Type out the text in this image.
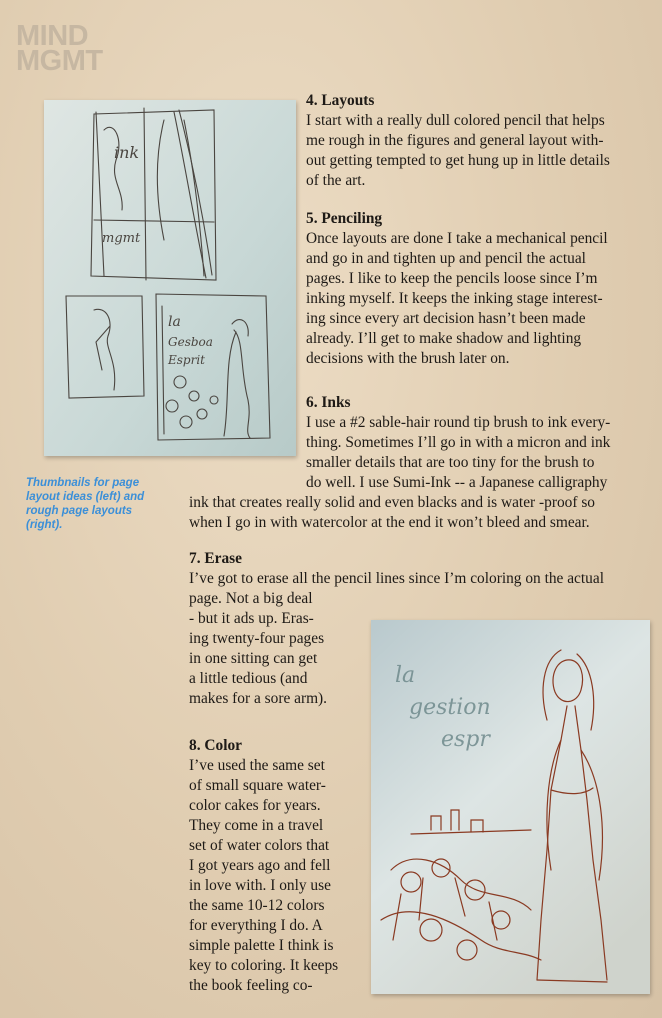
MIND
MGMT
ink
mgmt
la
Gesboa
Esprit

Thumbnails for page layout ideas (left) and rough page layouts (right).

la
gestion
espr
4. Layouts

I start with a really dull colored pencil that helps

me rough in the figures and general layout with-

out getting tempted to get hung up in little details

of the art.

5. Penciling

Once layouts are done I take a mechanical pencil

and go in and tighten up and pencil the actual

pages. I like to keep the pencils loose since I’m

inking myself. It keeps the inking stage interest-

ing since every art decision hasn’t been made

already. I’ll get to make shadow and lighting

decisions with the brush later on.

6. Inks

I use a #2 sable-hair round tip brush to ink every-

thing. Sometimes I’ll go in with a micron and ink

smaller details that are too tiny for the brush to

do well. I use Sumi-Ink -- a Japanese calligraphy

ink that creates really solid and even blacks and is water -proof so

when I go in with watercolor at the end it won’t bleed and smear.

7. Erase

I’ve got to erase all the pencil lines since I’m coloring on the actual

page. Not a big deal

- but it ads up. Eras-

ing twenty-four pages

in one sitting can get

a little tedious (and

makes for a sore arm).

8. Color

I’ve used the same set

of small square water-

color cakes for years.

They come in a travel

set of water colors that

I got years ago and fell

in love with. I only use

the same 10-12 colors

for everything I do. A

simple palette I think is

key to coloring. It keeps

the book feeling co-
